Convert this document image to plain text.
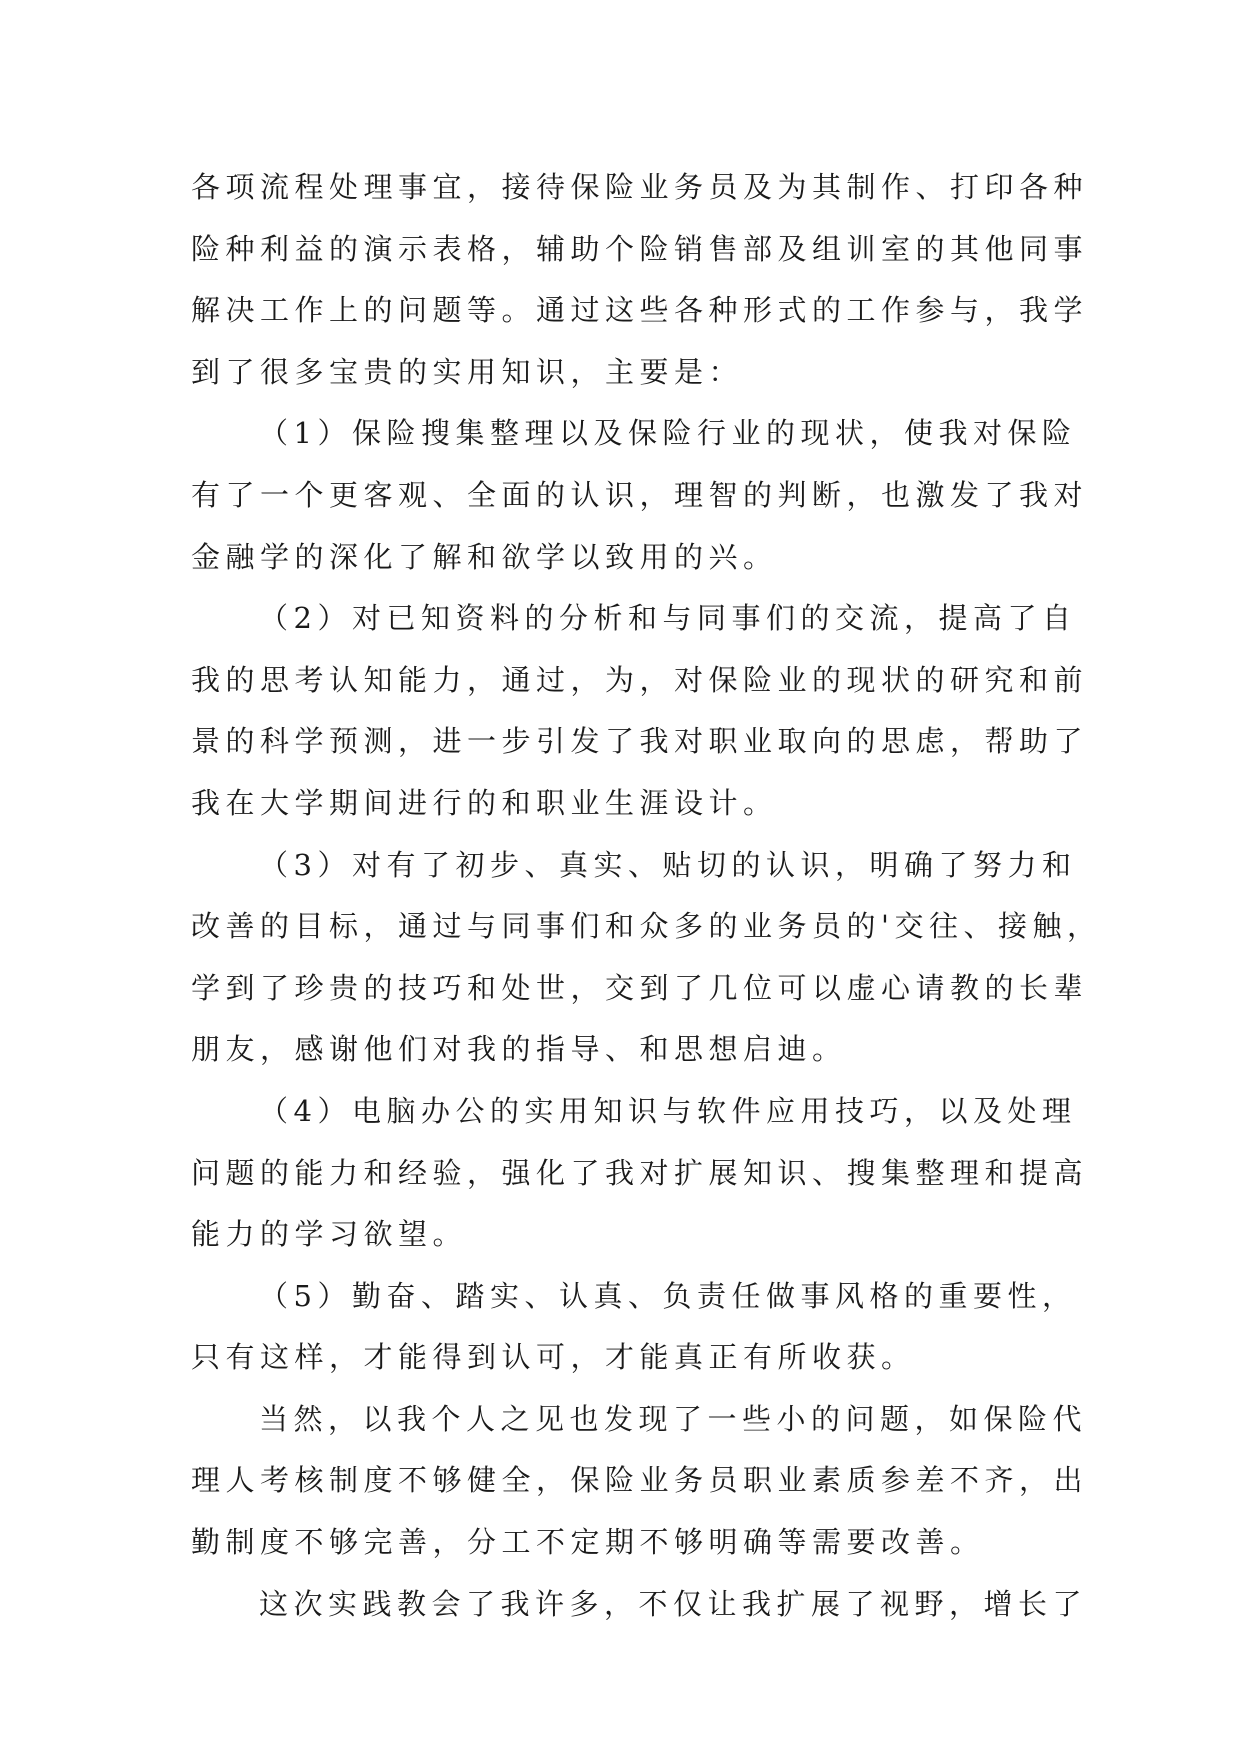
各项流程处理事宜，接待保险业务员及为其制作、打印各种
险种利益的演示表格，辅助个险销售部及组训室的其他同事
解决工作上的问题等。通过这些各种形式的工作参与，我学
到了很多宝贵的实用知识，主要是：
（1）保险搜集整理以及保险行业的现状，使我对保险
有了一个更客观、全面的认识，理智的判断，也激发了我对
金融学的深化了解和欲学以致用的兴。
（2）对已知资料的分析和与同事们的交流，提高了自
我的思考认知能力，通过，为，对保险业的现状的研究和前
景的科学预测，进一步引发了我对职业取向的思虑，帮助了
我在大学期间进行的和职业生涯设计。
（3）对有了初步、真实、贴切的认识，明确了努力和
改善的目标，通过与同事们和众多的业务员的'交往、接触，
学到了珍贵的技巧和处世，交到了几位可以虚心请教的长辈
朋友，感谢他们对我的指导、和思想启迪。
（4）电脑办公的实用知识与软件应用技巧，以及处理
问题的能力和经验，强化了我对扩展知识、搜集整理和提高
能力的学习欲望。
（5）勤奋、踏实、认真、负责任做事风格的重要性，
只有这样，才能得到认可，才能真正有所收获。
当然，以我个人之见也发现了一些小的问题，如保险代
理人考核制度不够健全，保险业务员职业素质参差不齐，出
勤制度不够完善，分工不定期不够明确等需要改善。
这次实践教会了我许多，不仅让我扩展了视野，增长了
